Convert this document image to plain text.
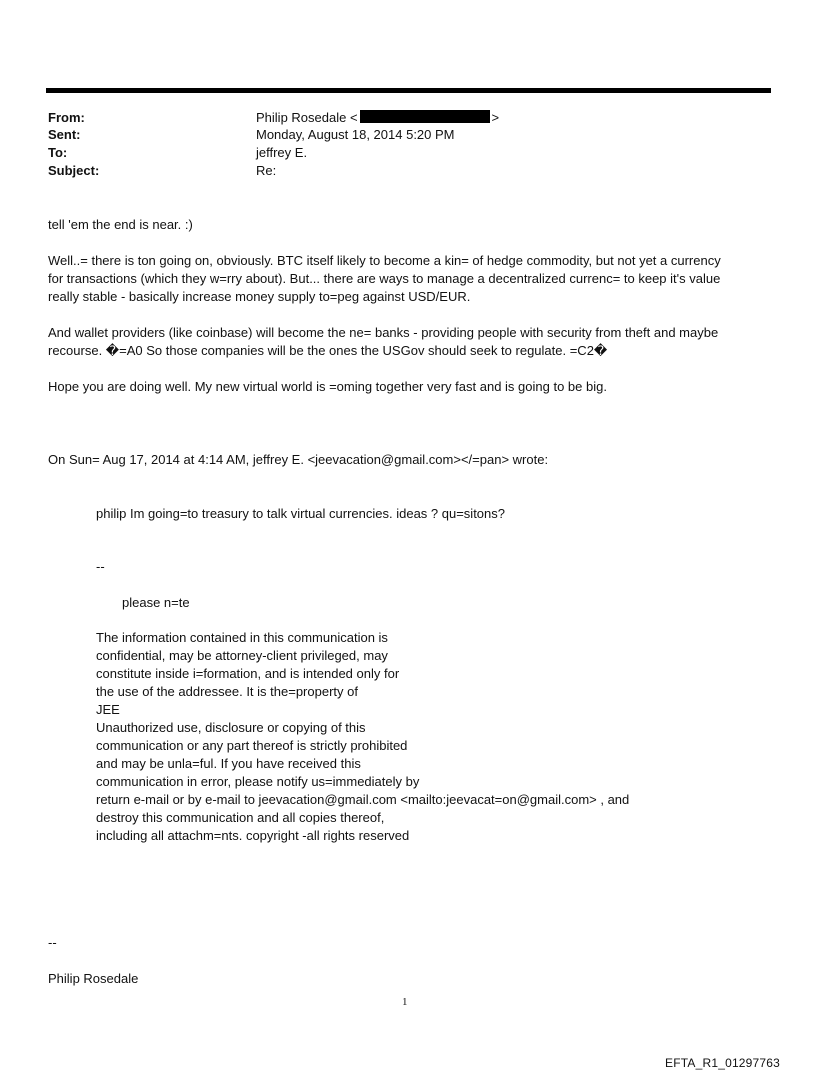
From:	Philip Rosedale <	>
Sent:	Monday, August 18, 2014 5:20 PM
To:	jeffrey E.
Subject:	Re:
tell 'em the end is near. :)
Well..= there is ton going on, obviously. BTC itself likely to become a kin= of hedge commodity, but not yet a currency
for transactions (which they w=rry about). But... there are ways to manage a decentralized currenc= to keep it's value
really stable - basically increase money supply to=peg against USD/EUR.
And wallet providers (like coinbase) will become the ne= banks - providing people with security from theft and maybe
recourse. �=A0 So those companies will be the ones the USGov should seek to regulate. =C2�
Hope you are doing well. My new virtual world is =oming together very fast and is going to be big.
On Sun= Aug 17, 2014 at 4:14 AM, jeffrey E. <jeevacation@gmail.com></=pan> wrote:
philip Im going=to treasury to talk virtual currencies. ideas ? qu=sitons?
--
please n=te
The information contained in this communication is
confidential, may be attorney-client privileged, may
constitute inside i=formation, and is intended only for
the use of the addressee. It is the=property of
JEE
Unauthorized use, disclosure or copying of this
communication or any part thereof is strictly prohibited
and may be unla=ful. If you have received this
communication in error, please notify us=immediately by
return e-mail or by e-mail to jeevacation@gmail.com <mailto:jeevacat=on@gmail.com> , and
destroy this communication and all copies thereof,
including all attachm=nts. copyright -all rights reserved
--
Philip Rosedale
1
EFTA_R1_01297763
